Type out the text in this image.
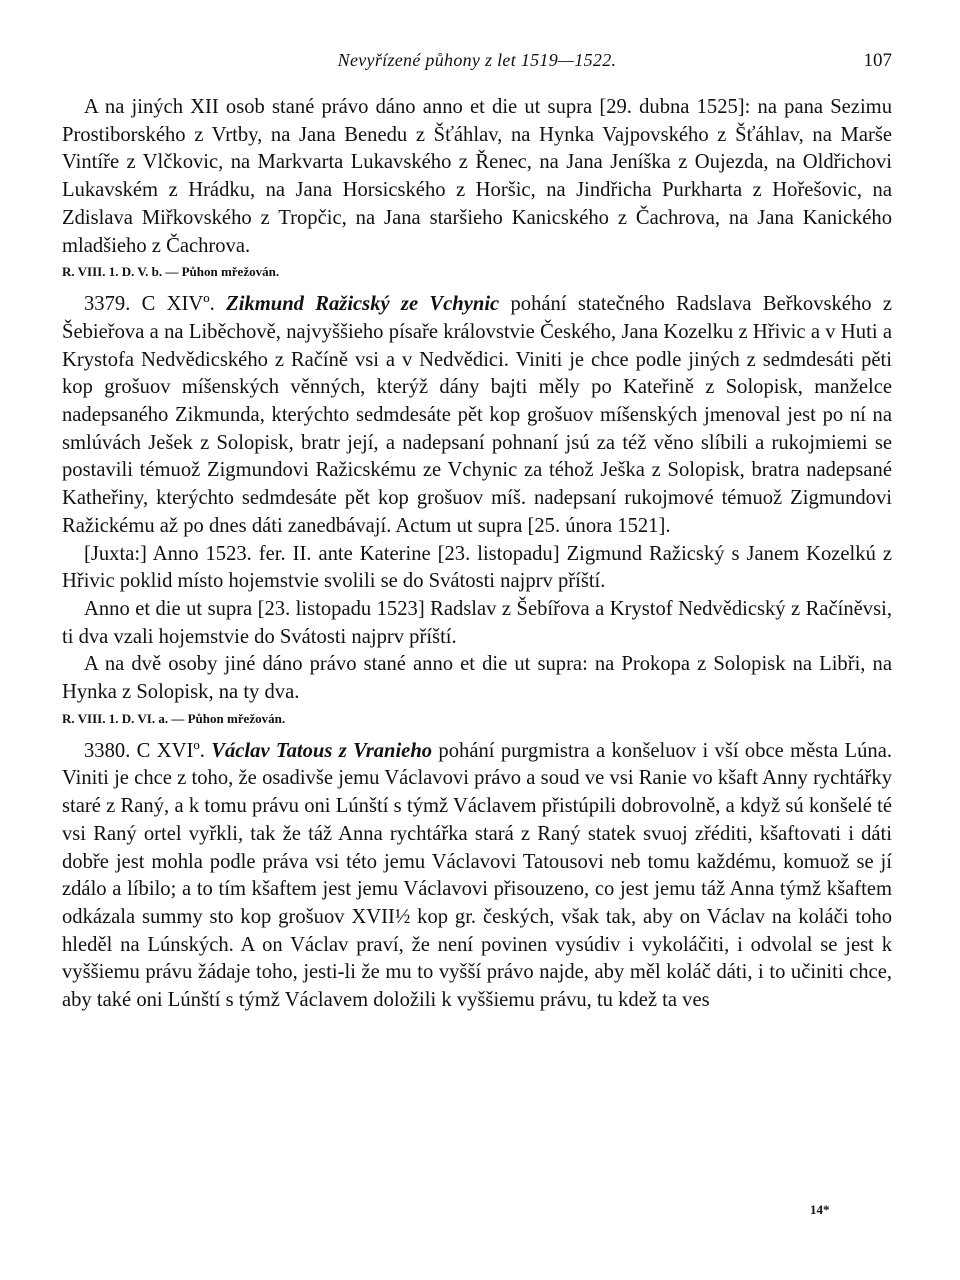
Nevyřízené půhony z let 1519—1522.	107

A na jiných XII osob stané právo dáno anno et die ut supra [29. dubna 1525]: na pana Sezimu Prostiborského z Vrtby, na Jana Benedu z Šťáhlav, na Hynka Vajpovského z Šťáhlav, na Marše Vintíře z Vlčkovic, na Markvarta Lukavského z Řenec, na Jana Jeníška z Oujezda, na Oldřichovi Lukavském z Hrádku, na Jana Horsicského z Horšic, na Jindřicha Purkharta z Hořešovic, na Zdislava Miřkovského z Tropčic, na Jana staršieho Kanicského z Čachrova, na Jana Kanického mladšieho z Čachrova.

R. VIII. 1. D. V. b. — Půhon mřežován.

3379. C XIVº. Zikmund Ražicský ze Vchynic pohání statečného Radslava Beřkovského z Šebieřova a na Liběchově, najvyššieho písaře královstvie Českého, Jana Kozelku z Hřivic a v Huti a Krystofa Nedvědicského z Račíně vsi a v Nedvědici. Viniti je chce podle jiných z sedmdesáti pěti kop grošuov míšenských věnných, kterýž dány bajti měly po Kateřině z Solopisk, manželce nadepsaného Zikmunda, kterýchto sedmdesáte pět kop grošuov míšenských jmenoval jest po ní na smlúvách Ješek z Solopisk, bratr její, a nadepsaní pohnaní jsú za též věno slíbili a rukojmiemi se postavili témuož Zigmundovi Ražicskému ze Vchynic za téhož Ješka z Solopisk, bratra nadepsané Katheřiny, kterýchto sedmdesáte pět kop grošuov míš. nadepsaní rukojmové témuož Zigmundovi Ražickému až po dnes dáti zanedbávají. Actum ut supra [25. února 1521].

[Juxta:] Anno 1523. fer. II. ante Katerine [23. listopadu] Zigmund Ražicský s Janem Kozelkú z Hřivic poklid místo hojemstvie svolili se do Svátosti najprv příští.

Anno et die ut supra [23. listopadu 1523] Radslav z Šebířova a Krystof Nedvědicský z Račíněvsi, ti dva vzali hojemstvie do Svátosti najprv příští.

A na dvě osoby jiné dáno právo stané anno et die ut supra: na Prokopa z Solopisk na Libři, na Hynka z Solopisk, na ty dva.

R. VIII. 1. D. VI. a. — Půhon mřežován.

3380. C XVIº. Václav Tatous z Vranieho pohání purgmistra a konšeluov i vší obce města Lúna. Viniti je chce z toho, že osadivše jemu Václavovi právo a soud ve vsi Ranie vo kšaft Anny rychtářky staré z Raný, a k tomu právu oni Lúnští s týmž Václavem přistúpili dobrovolně, a když sú konšelé té vsi Raný ortel vyřkli, tak že táž Anna rychtářka stará z Raný statek svuoj zřéditi, kšaftovati i dáti dobře jest mohla podle práva vsi této jemu Václavovi Tatousovi neb tomu každému, komuož se jí zdálo a líbilo; a to tím kšaftem jest jemu Václavovi přisouzeno, co jest jemu táž Anna týmž kšaftem odkázala summy sto kop grošuov XVII½ kop gr. českých, však tak, aby on Václav na koláči toho hleděl na Lúnských. A on Václav praví, že není povinen vysúdiv i vykoláčiti, i odvolal se jest k vyššiemu právu žádaje toho, jesti-li že mu to vyšší právo najde, aby měl koláč dáti, i to učiniti chce, aby také oni Lúnští s týmž Václavem doložili k vyššiemu právu, tu kdež ta ves

14*
